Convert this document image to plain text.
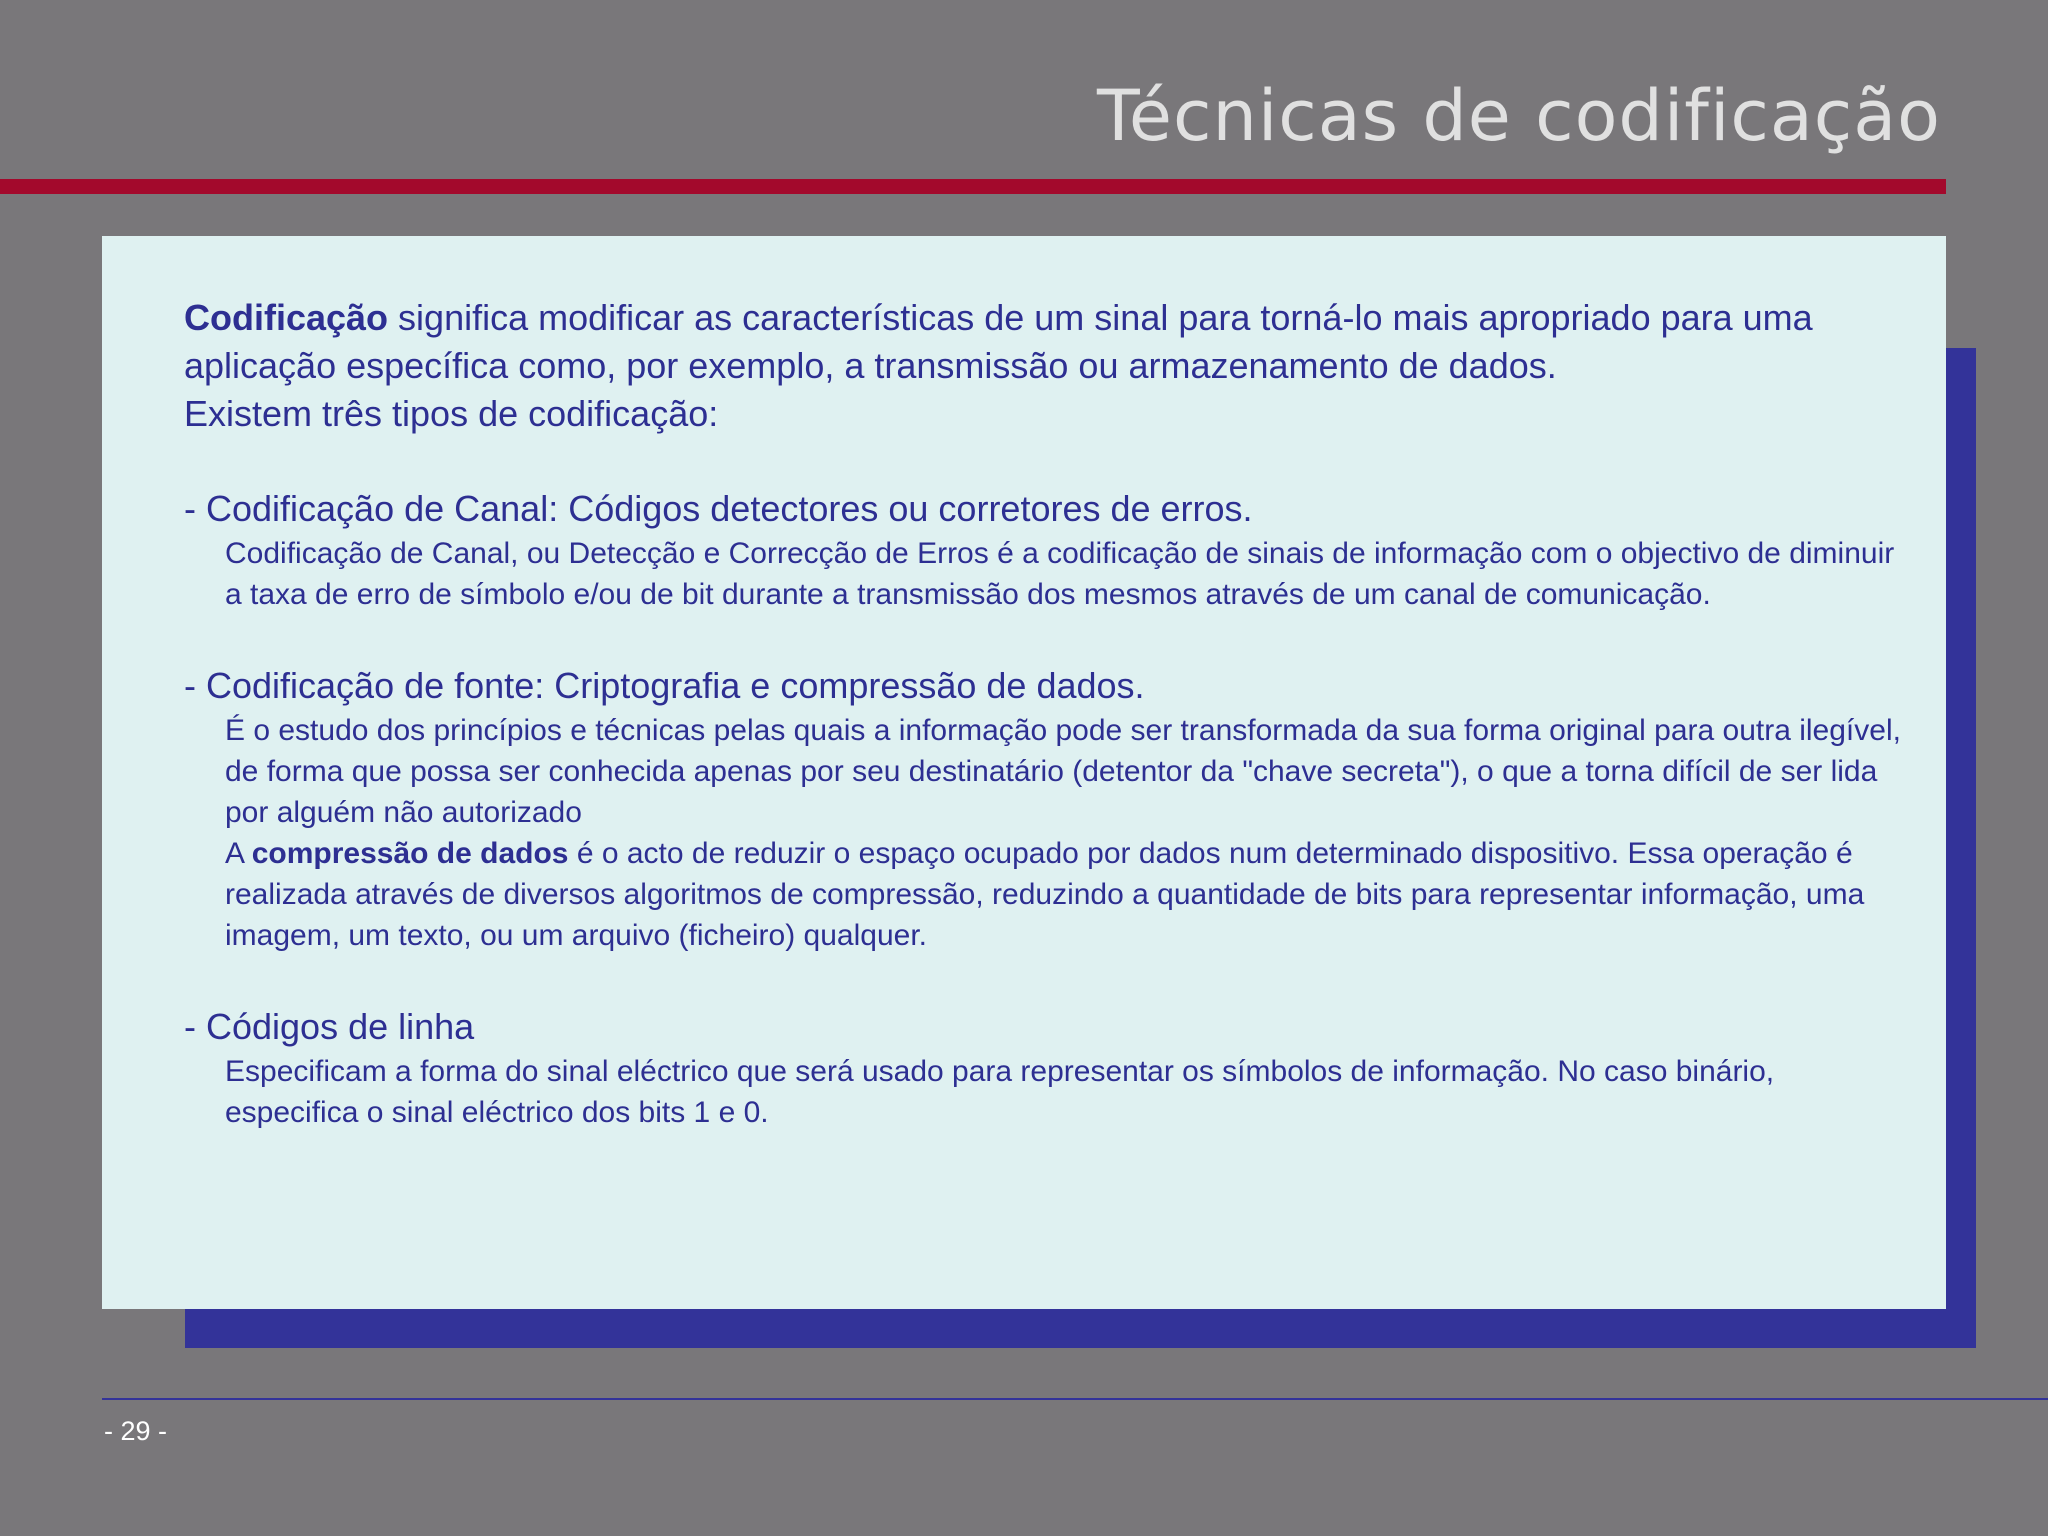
Técnicas de codificação

Codificação significa modificar as características de um sinal para torná-lo mais apropriado para uma aplicação específica como, por exemplo, a transmissão ou armazenamento de dados.

Existem três tipos de codificação:

- Codificação de Canal: Códigos detectores ou corretores de erros.

Codificação de Canal, ou Detecção e Correcção de Erros é a codificação de sinais de informação com o objectivo de diminuir a taxa de erro de símbolo e/ou de bit durante a transmissão dos mesmos através de um canal de comunicação.

- Codificação de fonte: Criptografia e compressão de dados.

É o estudo dos princípios e técnicas pelas quais a informação pode ser transformada da sua forma original para outra ilegível, de forma que possa ser conhecida apenas por seu destinatário (detentor da "chave secreta"), o que a torna difícil de ser lida por alguém não autorizado

A compressão de dados é o acto de reduzir o espaço ocupado por dados num determinado dispositivo. Essa operação é realizada através de diversos algoritmos de compressão, reduzindo a quantidade de bits para representar informação, uma imagem, um texto, ou um arquivo (ficheiro) qualquer.

- Códigos de linha

Especificam a forma do sinal eléctrico que será usado para representar os símbolos de informação. No caso binário, especifica o sinal eléctrico dos bits 1 e 0.

- 29 -
